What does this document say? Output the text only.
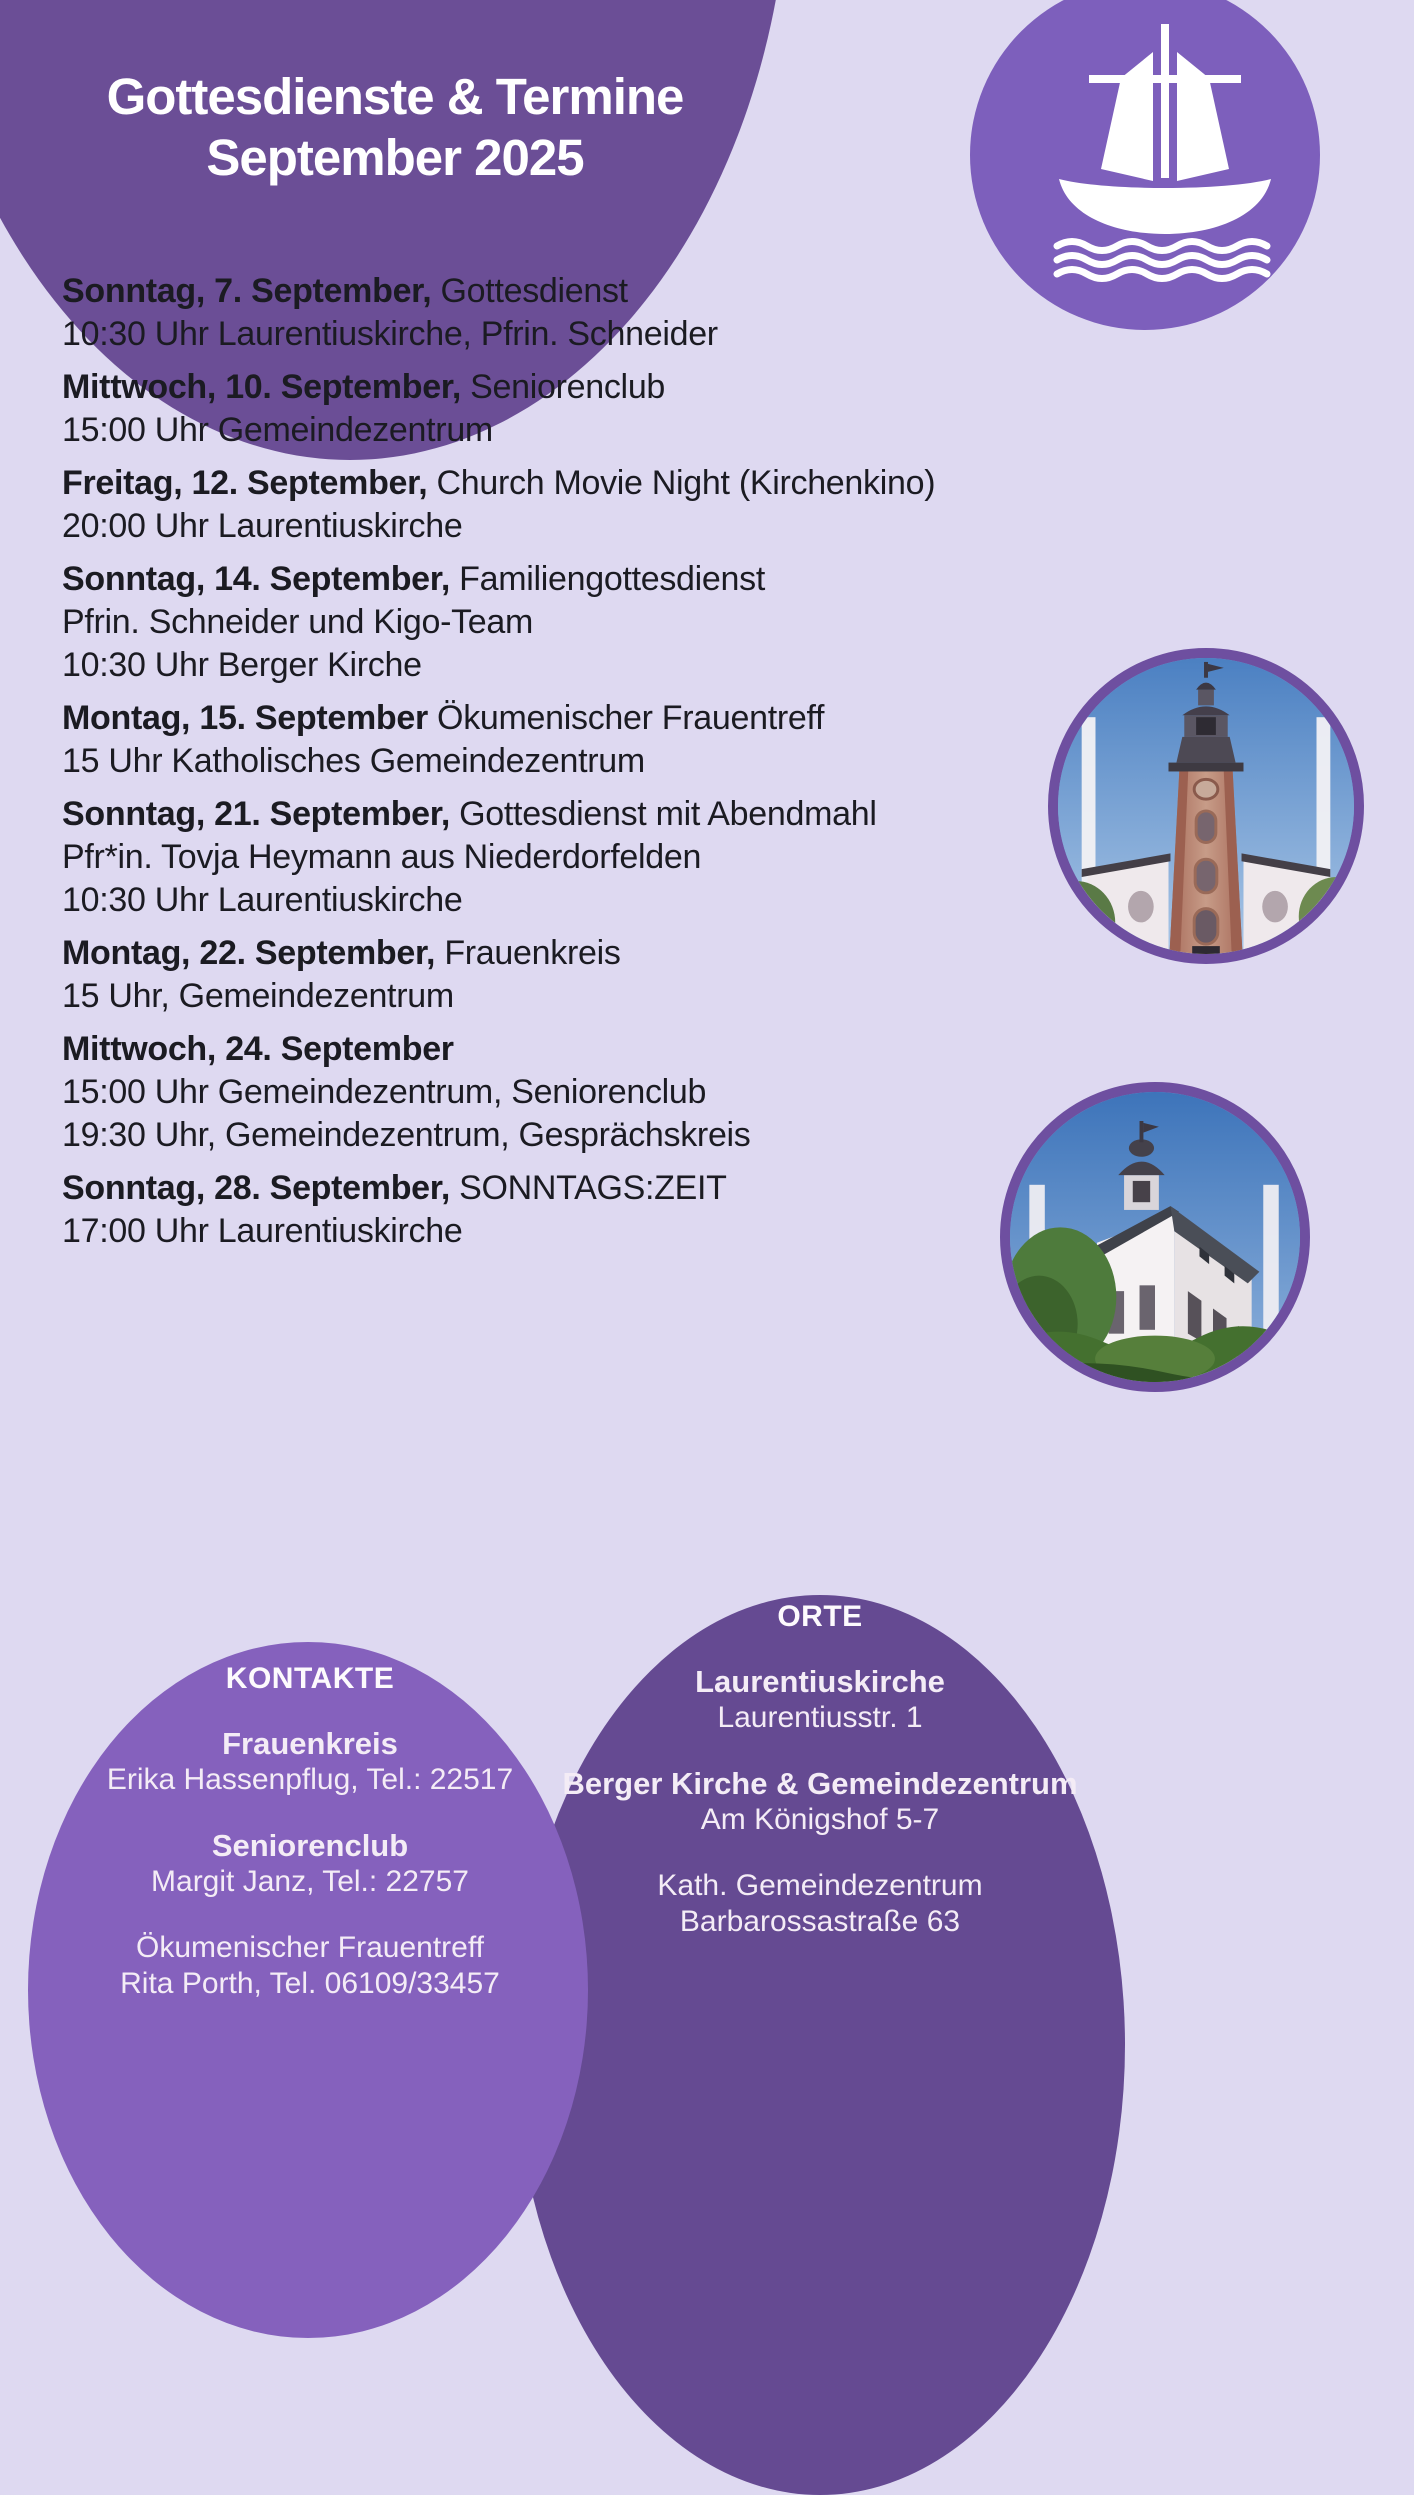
Gottesdienste & Termine
September 2025

Sonntag, 7. September, Gottesdienst

10:30 Uhr Laurentiuskirche, Pfrin. Schneider

Mittwoch, 10. September, Seniorenclub

15:00 Uhr Gemeindezentrum

Freitag, 12. September, Church Movie Night (Kirchenkino)

20:00 Uhr Laurentiuskirche

Sonntag, 14. September, Familiengottesdienst

Pfrin. Schneider und Kigo-Team

10:30 Uhr Berger Kirche

Montag, 15. September Ökumenischer Frauentreff

15 Uhr Katholisches Gemeindezentrum

Sonntag, 21. September, Gottesdienst mit Abendmahl

Pfr*in. Tovja Heymann aus Niederdorfelden

10:30 Uhr Laurentiuskirche

Montag, 22. September, Frauenkreis

15 Uhr, Gemeindezentrum

Mittwoch, 24. September

15:00 Uhr Gemeindezentrum, Seniorenclub

19:30 Uhr, Gemeindezentrum, Gesprächskreis

Sonntag, 28. September, SONNTAGS:ZEIT

17:00 Uhr Laurentiuskirche

KONTAKTE
Frauenkreis
Erika Hassenpflug, Tel.: 22517
Seniorenclub
Margit Janz, Tel.: 22757
Ökumenischer Frauentreff
Rita Porth, Tel. 06109/33457
ORTE
Laurentiuskirche
Laurentiusstr. 1
Berger Kirche & Gemeindezentrum
Am Königshof 5-7
Kath. Gemeindezentrum
Barbarossastraße 63
